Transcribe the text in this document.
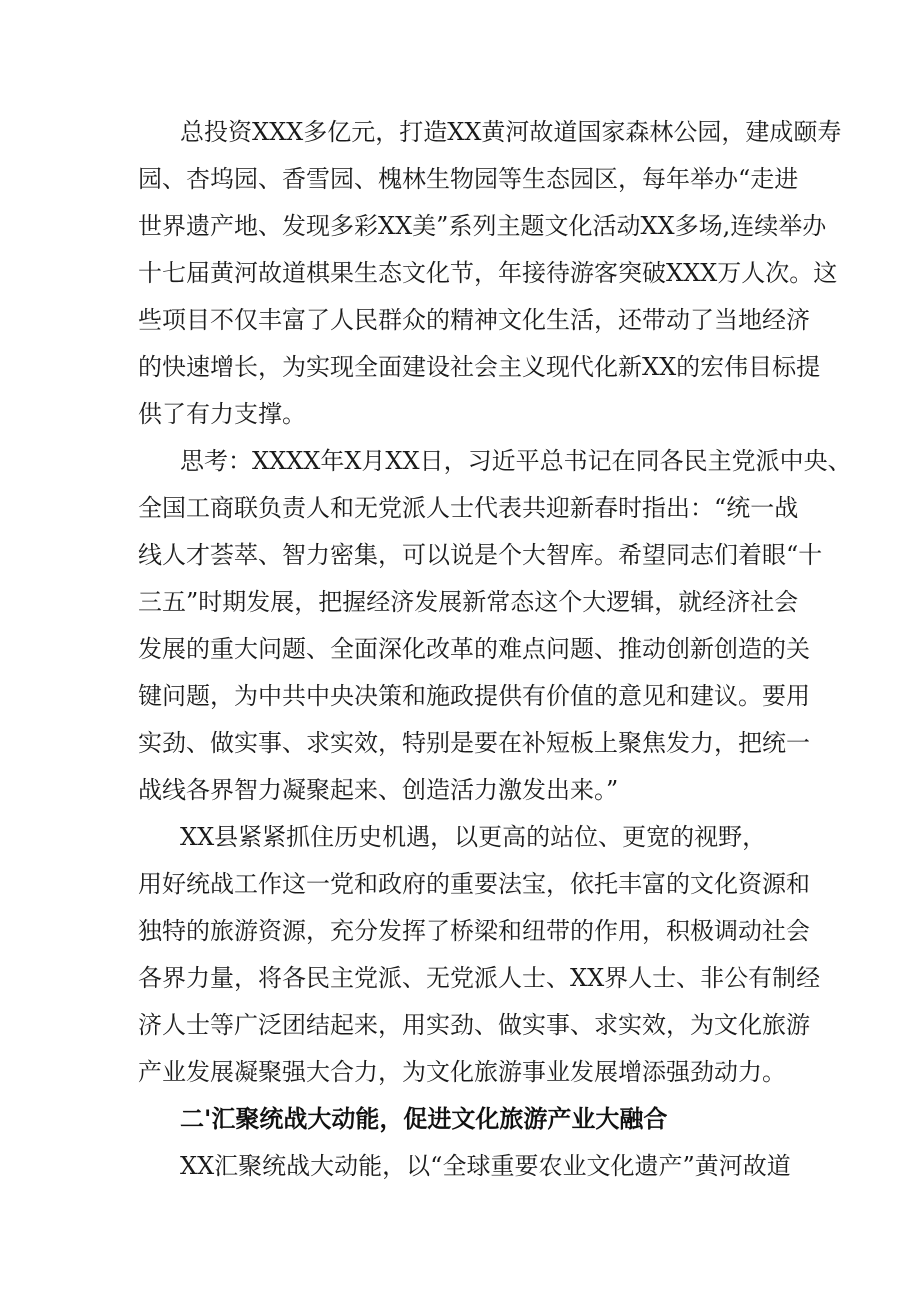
总投资XXX多亿元，打造XX黄河故道国家森林公园，建成颐寿
园、杏坞园、香雪园、槐林生物园等生态园区，每年举办“走进
世界遗产地、发现多彩XX美”系列主题文化活动XX多场,连续举办
十七届黄河故道棋果生态文化节，年接待游客突破XXX万人次。这
些项目不仅丰富了人民群众的精神文化生活，还带动了当地经济
的快速增长，为实现全面建设社会主义现代化新XX的宏伟目标提
供了有力支撑。
思考：XXXX年X月XX日，习近平总书记在同各民主党派中央、
全国工商联负责人和无党派人士代表共迎新春时指出：“统一战
线人才荟萃、智力密集，可以说是个大智库。希望同志们着眼“十
三五”时期发展，把握经济发展新常态这个大逻辑，就经济社会
发展的重大问题、全面深化改革的难点问题、推动创新创造的关
键问题，为中共中央决策和施政提供有价值的意见和建议。要用
实劲、做实事、求实效，特别是要在补短板上聚焦发力，把统一
战线各界智力凝聚起来、创造活力激发出来。”
XX县紧紧抓住历史机遇，以更高的站位、更宽的视野，
用好统战工作这一党和政府的重要法宝，依托丰富的文化资源和
独特的旅游资源，充分发挥了桥梁和纽带的作用，积极调动社会
各界力量，将各民主党派、无党派人士、XX界人士、非公有制经
济人士等广泛团结起来，用实劲、做实事、求实效，为文化旅游
产业发展凝聚强大合力，为文化旅游事业发展增添强劲动力。
二'汇聚统战大动能，促进文化旅游产业大融合
XX汇聚统战大动能，以“全球重要农业文化遗产”黄河故道
